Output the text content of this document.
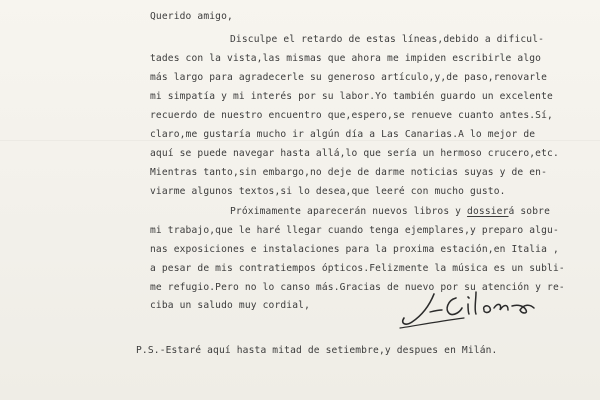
Querido amigo,
Disculpe el retardo de estas líneas,debido a dificul-
tades con la vista,las mismas que ahora me impiden escribirle algo
más largo para agradecerle su generoso artículo,y,de paso,renovarle
mi simpatía y mi interés por su labor.Yo también guardo un excelente
recuerdo de nuestro encuentro que,espero,se renueve cuanto antes.Sí,
claro,me gustaría mucho ir algún día a Las Canarias.A lo mejor de
aquí se puede navegar hasta allá,lo que sería un hermoso crucero,etc.
Mientras tanto,sin embargo,no deje de darme noticias suyas y de en-
viarme algunos textos,si lo desea,que leeré con mucho gusto.
Próximamente aparecerán nuevos libros y dossierá sobre
mi trabajo,que le haré llegar cuando tenga ejemplares,y preparo algu-
nas exposiciones e instalaciones para la proxima estación,en Italia ,
a pesar de mis contratiempos ópticos.Felizmente la música es un subli-
me refugio.Pero no lo canso más.Gracias de nuevo por su atención y re-
ciba un saludo muy cordial,
P.S.-Estaré aquí hasta mitad de setiembre,y despues en Milán.
